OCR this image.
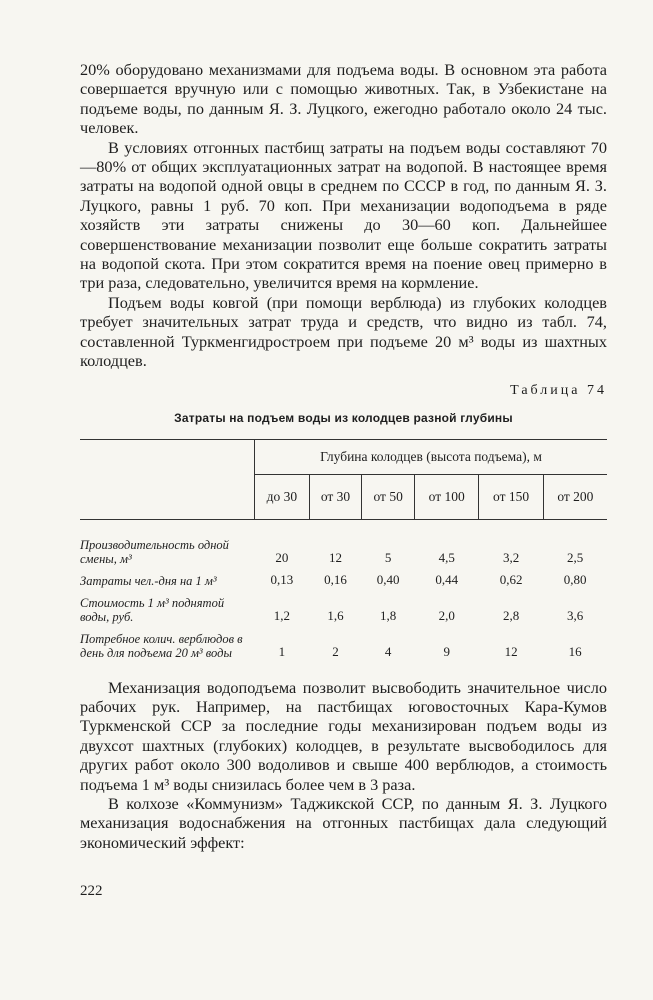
20% оборудовано механизмами для подъема воды. В основном эта работа совершается вручную или с помощью животных. Так, в Узбекистане на подъеме воды, по данным Я. З. Луцкого, ежегодно работало около 24 тыс. человек.

В условиях отгонных пастбищ затраты на подъем воды составляют 70—80% от общих эксплуатационных затрат на водопой. В настоящее время затраты на водопой одной овцы в среднем по СССР в год, по данным Я. З. Луцкого, равны 1 руб. 70 коп. При механизации водоподъема в ряде хозяйств эти затраты снижены до 30—60 коп. Дальнейшее совершенствование механизации позволит еще больше сократить затраты на водопой скота. При этом сократится время на поение овец примерно в три раза, следовательно, увеличится время на кормление.

Подъем воды ковгой (при помощи верблюда) из глубоких колодцев требует значительных затрат труда и средств, что видно из табл. 74, составленной Туркменгидростроем при подъеме 20 м³ воды из шахтных колодцев.

Таблица 74
Затраты на подъем воды из колодцев разной глубины
	Глубина колодцев (высота подъема), м					
	до 30	от 30	от 50	от 100	от 150	от 200

Производительность одной смены, м³	20	12	5	4,5	3,2	2,5
Затраты чел.-дня на 1 м³	0,13	0,16	0,40	0,44	0,62	0,80
Стоимость 1 м³ поднятой воды, руб.	1,2	1,6	1,8	2,0	2,8	3,6
Потребное колич. верблюдов в день для подъема 20 м³ воды	1	2	4	9	12	16

Механизация водоподъема позволит высвободить значительное число рабочих рук. Например, на пастбищах юговосточных Кара-Кумов Туркменской ССР за последние годы механизирован подъем воды из двухсот шахтных (глубоких) колодцев, в результате высвободилось для других работ около 300 водоливов и свыше 400 верблюдов, а стоимость подъема 1 м³ воды снизилась более чем в 3 раза.

В колхозе «Коммунизм» Таджикской ССР, по данным Я. З. Луцкого механизация водоснабжения на отгонных пастбищах дала следующий экономический эффект:

222
